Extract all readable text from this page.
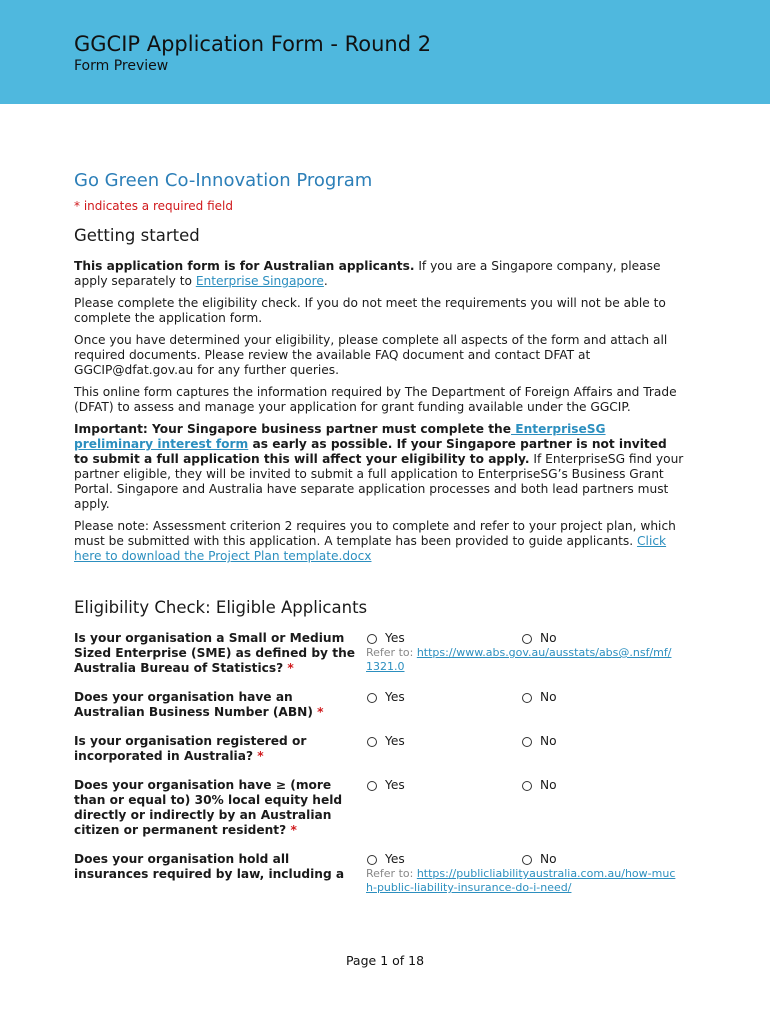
GGCIP Application Form - Round 2
Form Preview
Go Green Co-Innovation Program
* indicates a required field
Getting started

This application form is for Australian applicants. If you are a Singapore company, please apply separately to Enterprise Singapore.

Please complete the eligibility check. If you do not meet the requirements you will not be able to complete the application form.

Once you have determined your eligibility, please complete all aspects of the form and attach all required documents. Please review the available FAQ document and contact DFAT at GGCIP@dfat.gov.au for any further queries.

This online form captures the information required by The Department of Foreign Affairs and Trade (DFAT) to assess and manage your application for grant funding available under the GGCIP.

Important: Your Singapore business partner must complete the EnterpriseSG preliminary interest form as early as possible. If your Singapore partner is not invited to submit a full application this will affect your eligibility to apply. If EnterpriseSG find your partner eligible, they will be invited to submit a full application to EnterpriseSG’s Business Grant Portal. Singapore and Australia have separate application processes and both lead partners must apply.

Please note: Assessment criterion 2 requires you to complete and refer to your project plan, which must be submitted with this application. A template has been provided to guide applicants. Click here to download the Project Plan template.docx

Eligibility Check: Eligible Applicants
Is your organisation a Small or Medium Sized Enterprise (SME) as defined by the Australia Bureau of Statistics? *
Yes	No
Refer to: https://www.abs.gov.au/ausstats/abs@.nsf/mf/1321.0
Does your organisation have an Australian Business Number (ABN) *
Yes	No
Is your organisation registered or incorporated in Australia? *
Yes	No
Does your organisation have ≥ (more than or equal to) 30% local equity held directly or indirectly by an Australian citizen or permanent resident? *
Yes	No
Does your organisation hold all insurances required by law, including a
Yes	No
Refer to: https://publicliabilityaustralia.com.au/how-much-public-liability-insurance-do-i-need/
Page 1 of 18
